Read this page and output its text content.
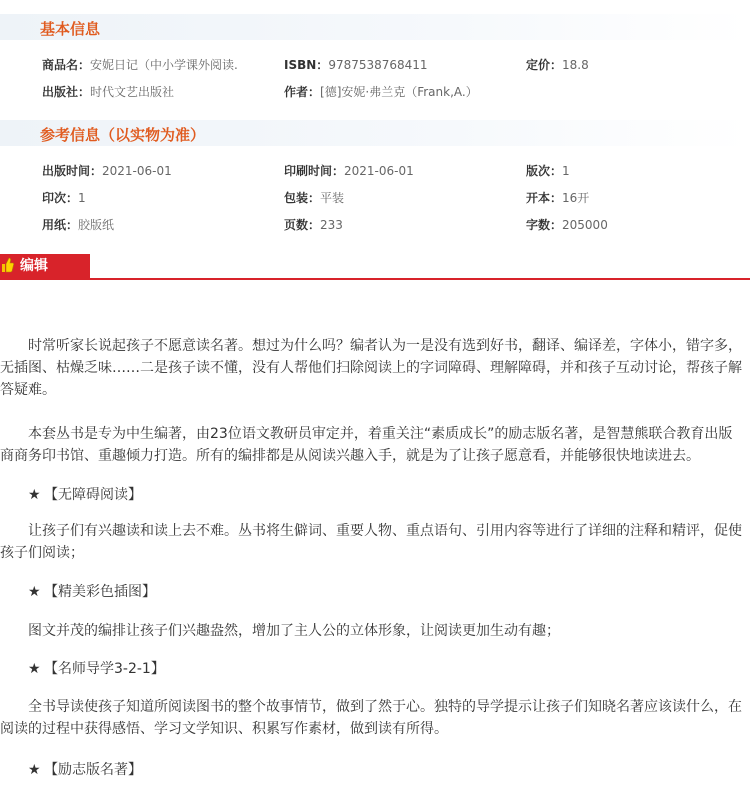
基本信息
商品名：安妮日记（中小学课外阅读.	ISBN：9787538768411	定价：18.8
出版社：时代文艺出版社	作者：[德]安妮·弗兰克（Frank,A.）
参考信息（以实物为准）
出版时间：2021-06-01	印刷时间：2021-06-01	版次：1
印次：1	包装：平装	开本：16开
用纸：胶版纸	页数：233	字数：205000
编辑
时常听家长说起孩子不愿意读名著。想过为什么吗？编者认为一是没有选到好书，翻译、编译差，字体小，错字多，无插图、枯燥乏味……二是孩子读不懂，没有人帮他们扫除阅读上的字词障碍、理解障碍，并和孩子互动讨论，帮孩子解答疑难。
本套丛书是专为中生编著，由23位语文教研员审定并，着重关注“素质成长”的励志版名著，是智慧熊联合教育出版商商务印书馆、重趣倾力打造。所有的编排都是从阅读兴趣入手，就是为了让孩子愿意看，并能够很快地读进去。
★ 【无障碍阅读】
让孩子们有兴趣读和读上去不难。丛书将生僻词、重要人物、重点语句、引用内容等进行了详细的注释和精评，促使孩子们阅读；
★ 【精美彩色插图】
图文并茂的编排让孩子们兴趣盎然，增加了主人公的立体形象，让阅读更加生动有趣；
★ 【名师导学3-2-1】
全书导读使孩子知道所阅读图书的整个故事情节，做到了然于心。独特的导学提示让孩子们知晓名著应该读什么，在阅读的过程中获得感悟、学习文学知识、积累写作素材，做到读有所得。
★ 【励志版名著】
